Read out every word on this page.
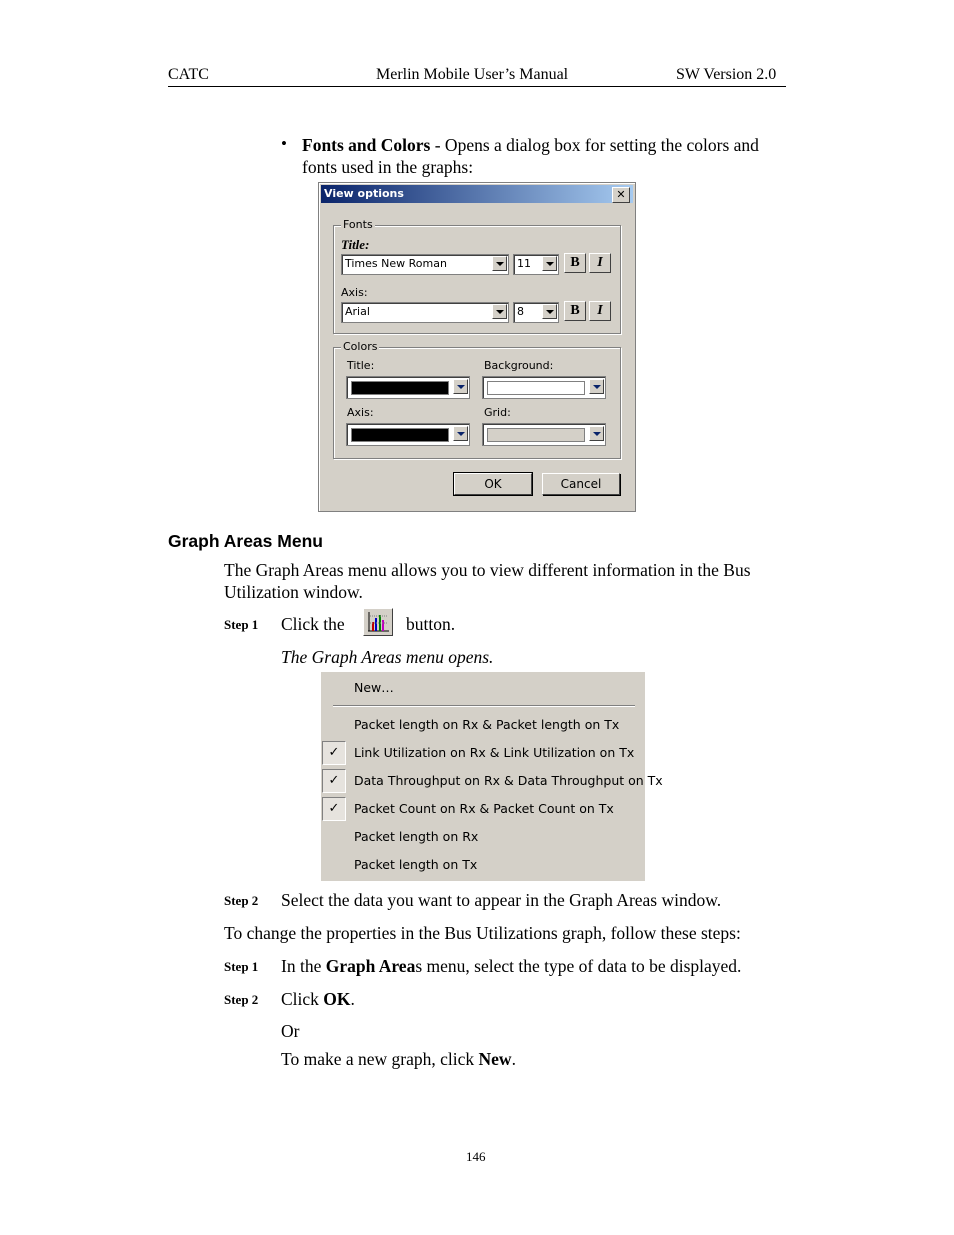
CATC	Merlin Mobile User’s Manual	SW Version 2.0
• Fonts and Colors - Opens a dialog box for setting the colors and fonts used in the graphs:
View options	✕
Fonts
Title:
Times New Roman	11	B	I
Axis:
Arial	8	B	I
Colors
Title:	Background:
Axis:	Grid:
OK	Cancel
Graph Areas Menu
The Graph Areas menu allows you to view different information in the Bus Utilization window.
Step 1 Click the	button.
The Graph Areas menu opens.
New…
Packet length on Rx & Packet length on Tx
✓	Link Utilization on Rx & Link Utilization on Tx
✓	Data Throughput on Rx & Data Throughput on Tx
✓	Packet Count on Rx & Packet Count on Tx
Packet length on Rx
Packet length on Tx
Step 2 Select the data you want to appear in the Graph Areas window.
To change the properties in the Bus Utilizations graph, follow these steps:
Step 1 In the Graph Areas menu, select the type of data to be displayed.
Step 2 Click OK.
Or
To make a new graph, click New.
146
